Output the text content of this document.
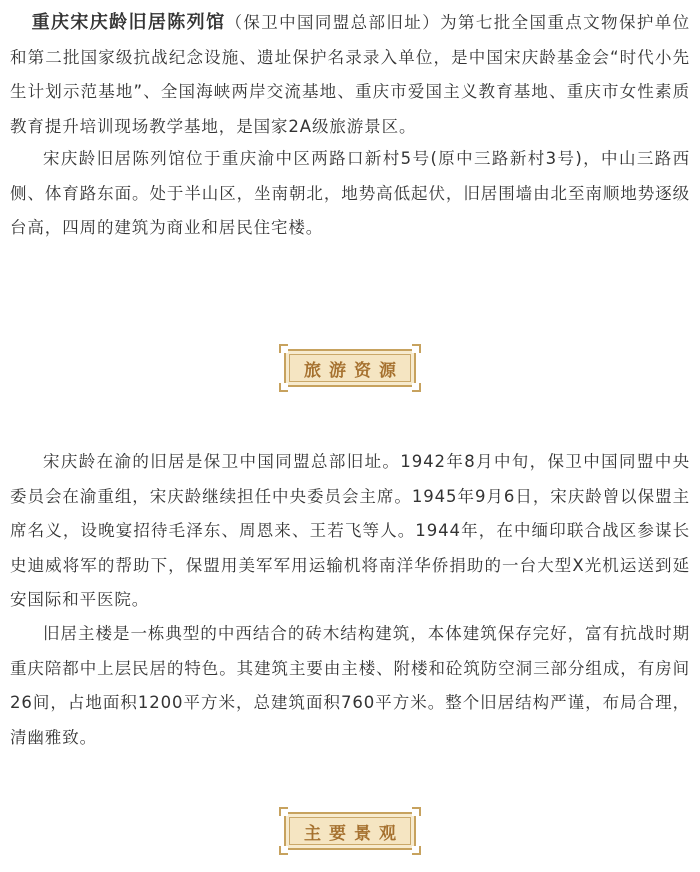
重庆宋庆龄旧居陈列馆（保卫中国同盟总部旧址）为第七批全国重点文物保护单位和第二批国家级抗战纪念设施、遗址保护名录录入单位，是中国宋庆龄基金会“时代小先生计划示范基地”、全国海峡两岸交流基地、重庆市爱国主义教育基地、重庆市女性素质教育提升培训现场教学基地，是国家2A级旅游景区。

宋庆龄旧居陈列馆位于重庆渝中区两路口新村5号(原中三路新村3号)，中山三路西侧、体育路东面。处于半山区，坐南朝北，地势高低起伏，旧居围墙由北至南顺地势逐级台高，四周的建筑为商业和居民住宅楼。

旅游资源

宋庆龄在渝的旧居是保卫中国同盟总部旧址。1942年8月中旬，保卫中国同盟中央委员会在渝重组，宋庆龄继续担任中央委员会主席。1945年9月6日，宋庆龄曾以保盟主席名义，设晚宴招待毛泽东、周恩来、王若飞等人。1944年，在中缅印联合战区参谋长史迪威将军的帮助下，保盟用美军军用运输机将南洋华侨捐助的一台大型X光机运送到延安国际和平医院。

旧居主楼是一栋典型的中西结合的砖木结构建筑，本体建筑保存完好，富有抗战时期重庆陪都中上层民居的特色。其建筑主要由主楼、附楼和砼筑防空洞三部分组成，有房间26间，占地面积1200平方米，总建筑面积760平方米。整个旧居结构严谨，布局合理，清幽雅致。

主要景观
